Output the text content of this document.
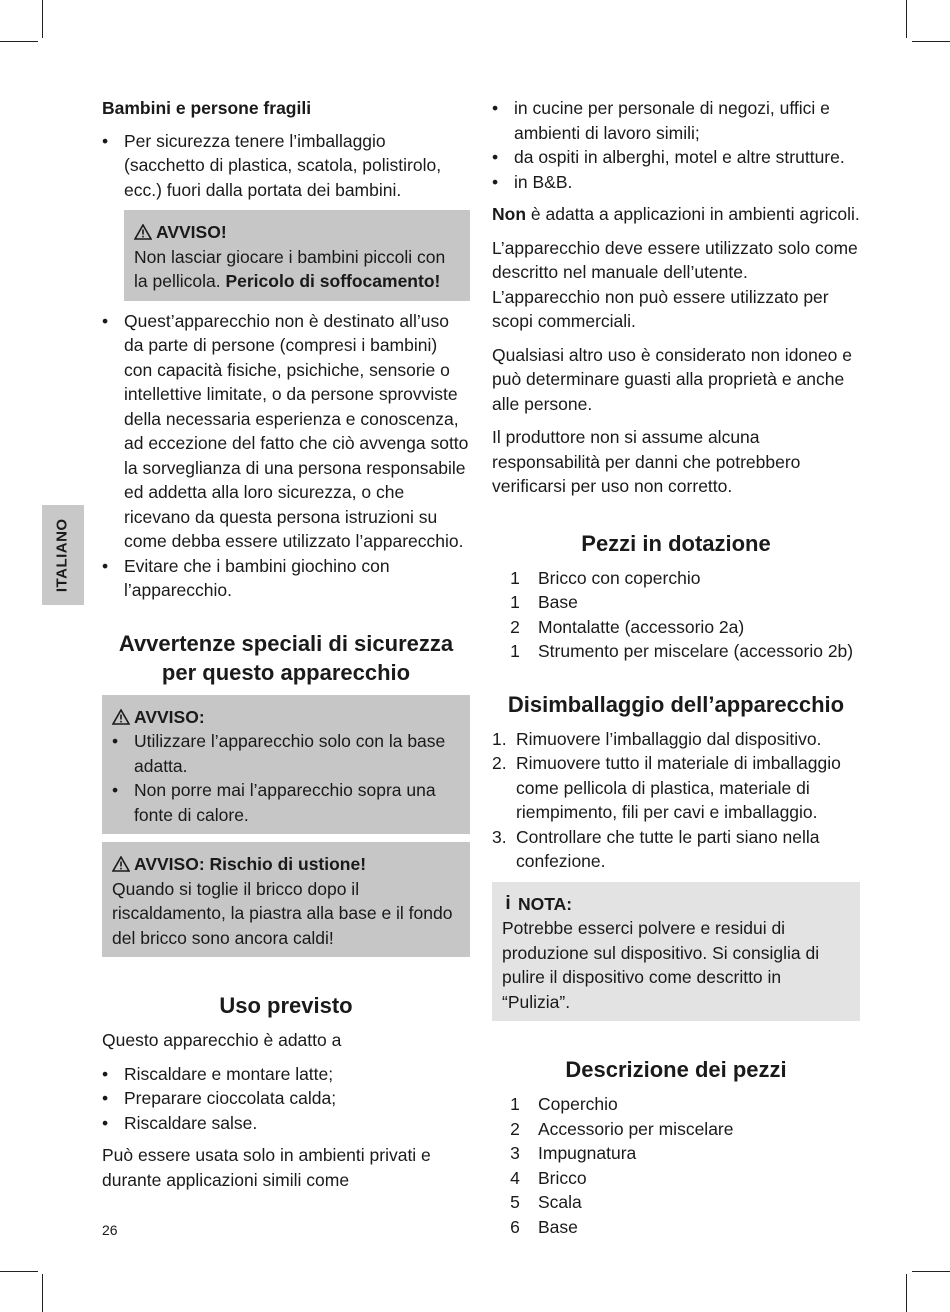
ITALIANO

Bambini e persone fragili

• Per sicurezza tenere l’imballaggio (sacchetto di plastica, scatola, polistirolo, ecc.) fuori dalla portata dei bambini.
AVVISO!
Non lasciar giocare i bambini piccoli con la pellicola. Pericolo di soffocamento!
• Quest’apparecchio non è destinato all’uso da parte di persone (compresi i bambini) con capacità fisiche, psichiche, sensorie o intellettive limitate, o da persone sprovviste della necessaria esperienza e conoscenza, ad eccezione del fatto che ciò avvenga sotto la sorveglianza di una persona responsabile ed addetta alla loro sicurezza, o che ricevano da questa persona istruzioni su come debba essere utilizzato l’apparecchio.
• Evitare che i bambini giochino con l’apparecchio.
Avvertenze speciali di sicurezza per questo apparecchio
AVVISO:
• Utilizzare l’apparecchio solo con la base adatta.
• Non porre mai l’apparecchio sopra una fonte di calore.
AVVISO: Rischio di ustione!
Quando si toglie il bricco dopo il riscaldamento, la piastra alla base e il fondo del bricco sono ancora caldi!
Uso previsto

Questo apparecchio è adatto a

• Riscaldare e montare latte;
• Preparare cioccolata calda;
• Riscaldare salse.

Può essere usata solo in ambienti privati e durante applicazioni simili come

• in cucine per personale di negozi, uffici e ambienti di lavoro simili;
• da ospiti in alberghi, motel e altre strutture.
• in B&B.

Non è adatta a applicazioni in ambienti agricoli.

L’apparecchio deve essere utilizzato solo come descritto nel manuale dell’utente. L’apparecchio non può essere utilizzato per scopi commerciali.

Qualsiasi altro uso è considerato non idoneo e può determinare guasti alla proprietà e anche alle persone.

Il produttore non si assume alcuna responsabilità per danni che potrebbero verificarsi per uso non corretto.

Pezzi in dotazione
1	Bricco con coperchio
1	Base
2	Montalatte (accessorio 2a)
1	Strumento per miscelare (accessorio 2b)
Disimballaggio dell’apparecchio
1. Rimuovere l’imballaggio dal dispositivo.
2. Rimuovere tutto il materiale di imballaggio come pellicola di plastica, materiale di riempimento, fili per cavi e imballaggio.
3. Controllare che tutte le parti siano nella confezione.
i NOTA:
Potrebbe esserci polvere e residui di produzione sul dispositivo. Si consiglia di pulire il dispositivo come descritto in “Pulizia”.
Descrizione dei pezzi
1	Coperchio
2	Accessorio per miscelare
3	Impugnatura
4	Bricco
5	Scala
6	Base
26
